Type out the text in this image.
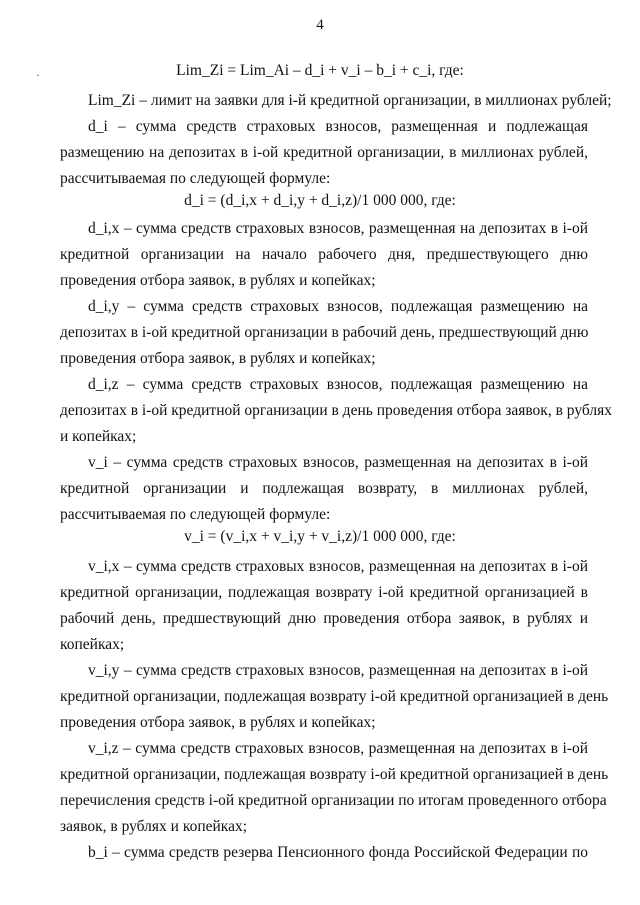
4
·	Lim_Zi = Lim_Ai – d_i + v_i – b_i + c_i, где:
Lim_Zi – лимит на заявки для i-й кредитной организации, в миллионах рублей;
d_i – сумма средств страховых взносов, размещенная и подлежащая
размещению на депозитах в i-ой кредитной организации, в миллионах рублей,
рассчитываемая по следующей формуле:
d_i = (d_i,x + d_i,y + d_i,z)/1 000 000, где:
d_i,x – сумма средств страховых взносов, размещенная на депозитах в i-ой
кредитной организации на начало рабочего дня, предшествующего дню
проведения отбора заявок, в рублях и копейках;
d_i,y – сумма средств страховых взносов, подлежащая размещению на
депозитах в i-ой кредитной организации в рабочий день, предшествующий дню
проведения отбора заявок, в рублях и копейках;
d_i,z – сумма средств страховых взносов, подлежащая размещению на
депозитах в i-ой кредитной организации в день проведения отбора заявок, в рублях
и копейках;
v_i – сумма средств страховых взносов, размещенная на депозитах в i-ой
кредитной организации и подлежащая возврату, в миллионах рублей,
рассчитываемая по следующей формуле:
v_i = (v_i,x + v_i,y + v_i,z)/1 000 000, где:
v_i,x – сумма средств страховых взносов, размещенная на депозитах в i-ой
кредитной организации, подлежащая возврату i-ой кредитной организацией в
рабочий день, предшествующий дню проведения отбора заявок, в рублях и
копейках;
v_i,y – сумма средств страховых взносов, размещенная на депозитах в i-ой
кредитной организации, подлежащая возврату i-ой кредитной организацией в день
проведения отбора заявок, в рублях и копейках;
v_i,z – сумма средств страховых взносов, размещенная на депозитах в i-ой
кредитной организации, подлежащая возврату i-ой кредитной организацией в день
перечисления средств i-ой кредитной организации по итогам проведенного отбора
заявок, в рублях и копейках;
b_i – сумма средств резерва Пенсионного фонда Российской Федерации по
